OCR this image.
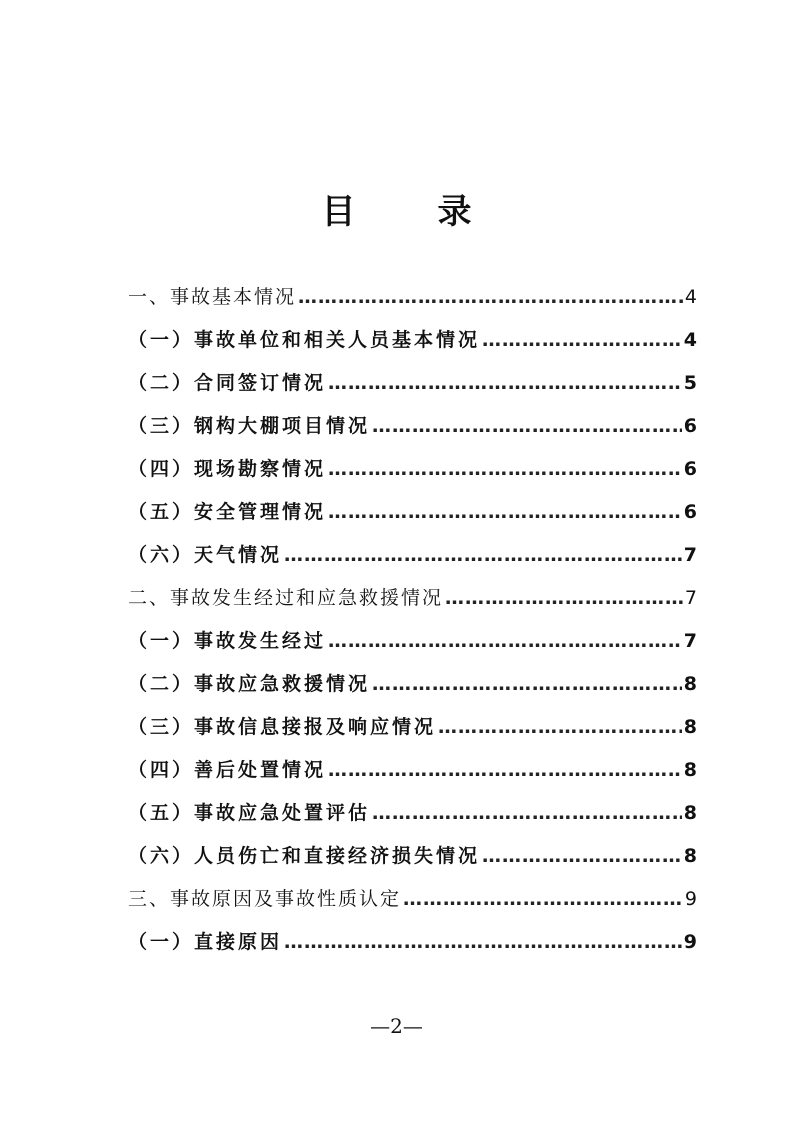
目 录
一、事故基本情况 …………………………………………………………………………………………………………………………………………	4
（一）事故单位和相关人员基本情况 …………………………………………………………………………………………………………………………………………	4
（二）合同签订情况 …………………………………………………………………………………………………………………………………………	5
（三）钢构大棚项目情况 …………………………………………………………………………………………………………………………………………	6
（四）现场勘察情况 …………………………………………………………………………………………………………………………………………	6
（五）安全管理情况 …………………………………………………………………………………………………………………………………………	6
（六）天气情况 …………………………………………………………………………………………………………………………………………	7
二、事故发生经过和应急救援情况 …………………………………………………………………………………………………………………………………………	7
（一）事故发生经过 …………………………………………………………………………………………………………………………………………	7
（二）事故应急救援情况 …………………………………………………………………………………………………………………………………………	8
（三）事故信息接报及响应情况 …………………………………………………………………………………………………………………………………………	8
（四）善后处置情况 …………………………………………………………………………………………………………………………………………	8
（五）事故应急处置评估 …………………………………………………………………………………………………………………………………………	8
（六）人员伤亡和直接经济损失情况 …………………………………………………………………………………………………………………………………………	8
三、事故原因及事故性质认定 …………………………………………………………………………………………………………………………………………	9
（一）直接原因 …………………………………………………………………………………………………………………………………………	9
—2—
